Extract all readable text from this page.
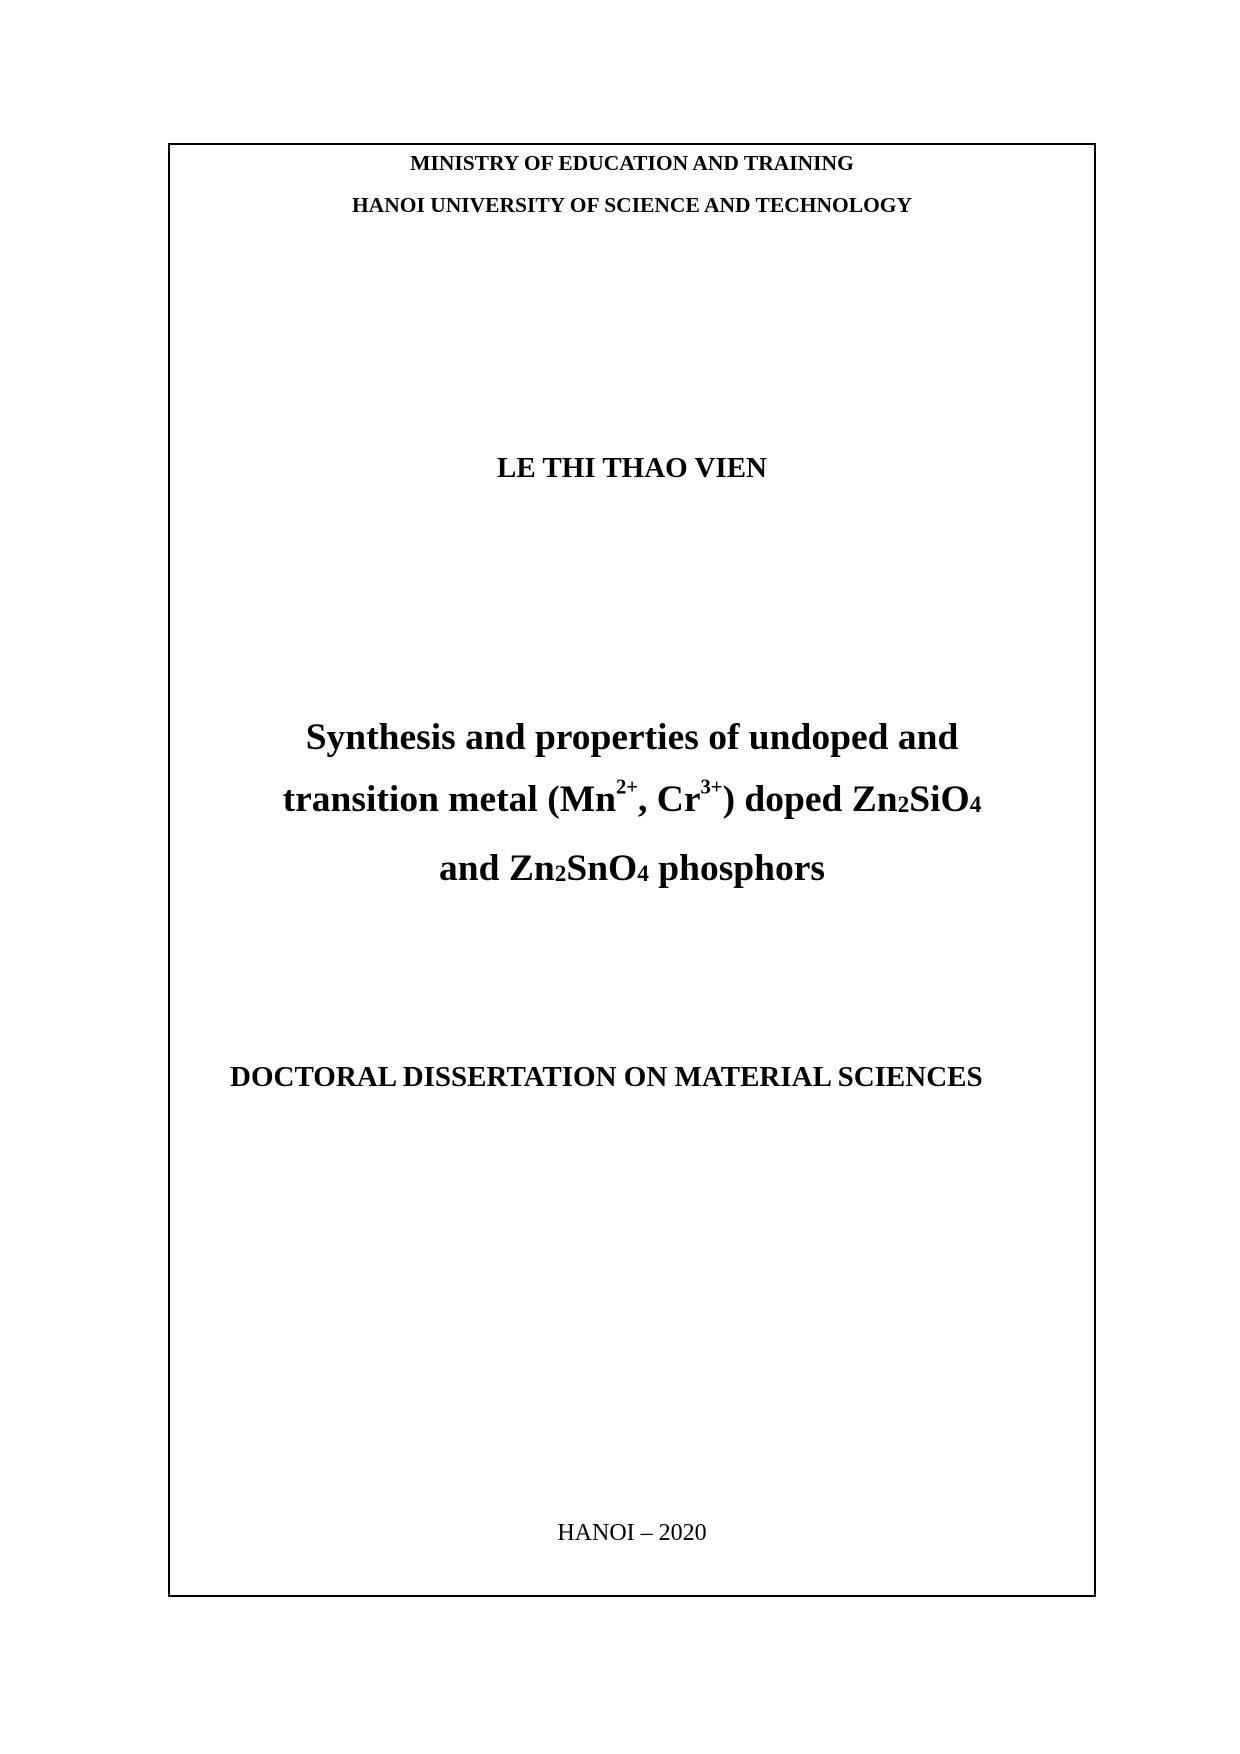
MINISTRY OF EDUCATION AND TRAINING
HANOI UNIVERSITY OF SCIENCE AND TECHNOLOGY
LE THI THAO VIEN
Synthesis and properties of undoped and
transition metal ($Mn^{2+}$, $Cr^{3+}$) doped $Zn_2SiO_4$
and $Zn_2SnO_4$ phosphors
DOCTORAL DISSERTATION ON MATERIAL SCIENCES
HANOI – 2020
